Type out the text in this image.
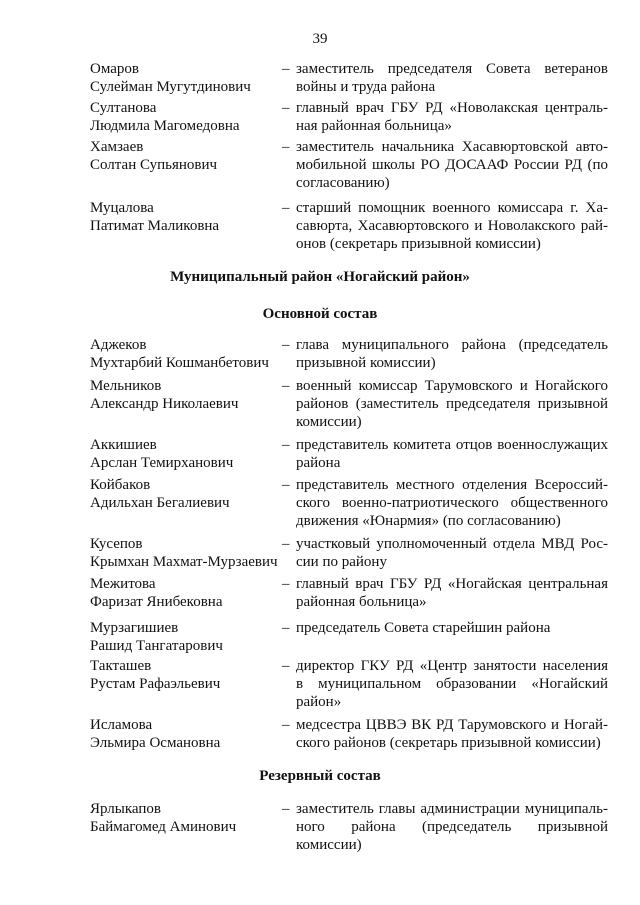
39
Муниципальный район «Ногайский район»
Основной состав
Резервный состав
Омаров
Сулейман Мугутдинович
– заместитель председателя Совета ветеранов
войны и труда района
Султанова
Людмила Магомедовна
– главный врач ГБУ РД «Новолакская централь-
ная районная больница»
Хамзаев
Солтан Супьянович
– заместитель начальника Хасавюртовской авто-
мобильной школы РО ДОСААФ России РД (по
согласованию)
Муцалова
Патимат Маликовна
– старший помощник военного комиссара г. Ха-
савюрта, Хасавюртовского и Новолакского рай-
онов (секретарь призывной комиссии)
Аджеков
Мухтарбий Кошманбетович
– глава муниципального района (председатель
призывной комиссии)
Мельников
Александр Николаевич
– военный комиссар Тарумовского и Ногайского
районов (заместитель председателя призывной
комиссии)
Аккишиев
Арслан Темирханович
– представитель комитета отцов военнослужащих
района
Койбаков
Адильхан Бегалиевич
– представитель местного отделения Всероссий-
ского военно-патриотического общественного
движения «Юнармия» (по согласованию)
Кусепов
Крымхан Махмат-Мурзаевич
– участковый уполномоченный отдела МВД Рос-
сии по району
Межитова
Фаризат Янибековна
– главный врач ГБУ РД «Ногайская центральная
районная больница»
Мурзагишиев
Рашид Тангатарович
– председатель Совета старейшин района
Такташев
Рустам Рафаэльевич
– директор ГКУ РД «Центр занятости населения
в муниципальном образовании «Ногайский
район»
Исламова
Эльмира Османовна
– медсестра ЦВВЭ ВК РД Тарумовского и Ногай-
ского районов (секретарь призывной комиссии)
Ярлыкапов
Баймагомед Аминович
– заместитель главы администрации муниципаль-
ного района (председатель призывной комиссии)
